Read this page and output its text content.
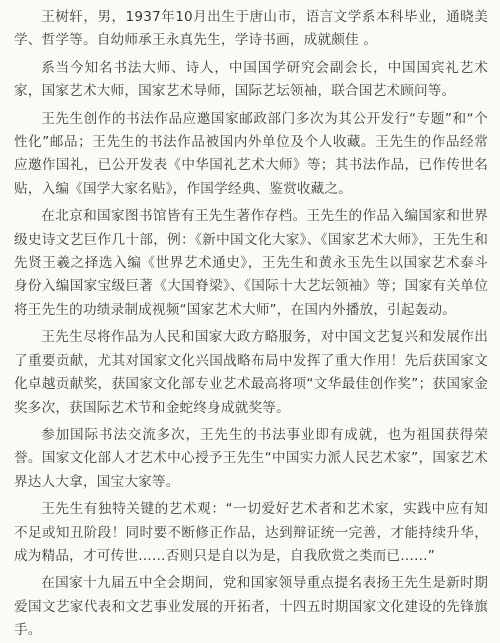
王树轩，男，1937年10月出生于唐山市，语言文学系本科毕业，通晓美学、哲学等。自幼师承王永真先生，学诗书画，成就颇佳 。

系当今知名书法大师、诗人，中国国学研究会副会长，中国国宾礼艺术家，国家艺术大师，国家艺术导师，国际艺坛领袖，联合国艺术顾问等。

王先生创作的书法作品应邀国家邮政部门多次为其公开发行“专题”和“个性化”邮品；王先生的书法作品被国内外单位及个人收藏。王先生的作品经常应邀作国礼，已公开发表《中华国礼艺术大师》等；其书法作品，已作传世名贴，入编《国学大家名贴》，作国学经典、鉴赏收藏之。

在北京和国家图书馆皆有王先生著作存档。王先生的作品入编国家和世界级史诗文艺巨作几十部，例：《新中国文化大家》、《国家艺术大师》，王先生和先贤王羲之择选入编《世界艺术通史》，王先生和黄永玉先生以国家艺术泰斗身份入编国家宝级巨著《大国脊梁》、《国际十大艺坛领袖》等；国家有关单位将王先生的功绩录制成视频“国家艺术大师”，在国内外播放，引起轰动。

王先生尽将作品为人民和国家大政方略服务，对中国文艺复兴和发展作出了重要贡献，尤其对国家文化兴国战略布局中发挥了重大作用！先后获国家文化卓越贡献奖，获国家文化部专业艺术最高将项“文华最佳创作奖”；获国家金奖多次，获国际艺术节和金蛇终身成就奖等。

参加国际书法交流多次，王先生的书法事业即有成就，也为祖国获得荣誉。国家文化部人才艺术中心授予王先生“中国实力派人民艺术家”，国家艺术界达人大拿，国宝大家等。

王先生有独特关键的艺术观：“一切爱好艺术者和艺术家，实践中应有知不足或知丑阶段！同时要不断修正作品，达到辩证统一完善，才能持续升华，成为精品，才可传世……否则只是自以为是，自我欣赏之类而已……”

在国家十九届五中全会期间，党和国家领导重点提名表扬王先生是新时期爱国文艺家代表和文艺事业发展的开拓者，十四五时期国家文化建设的先锋旗手。
